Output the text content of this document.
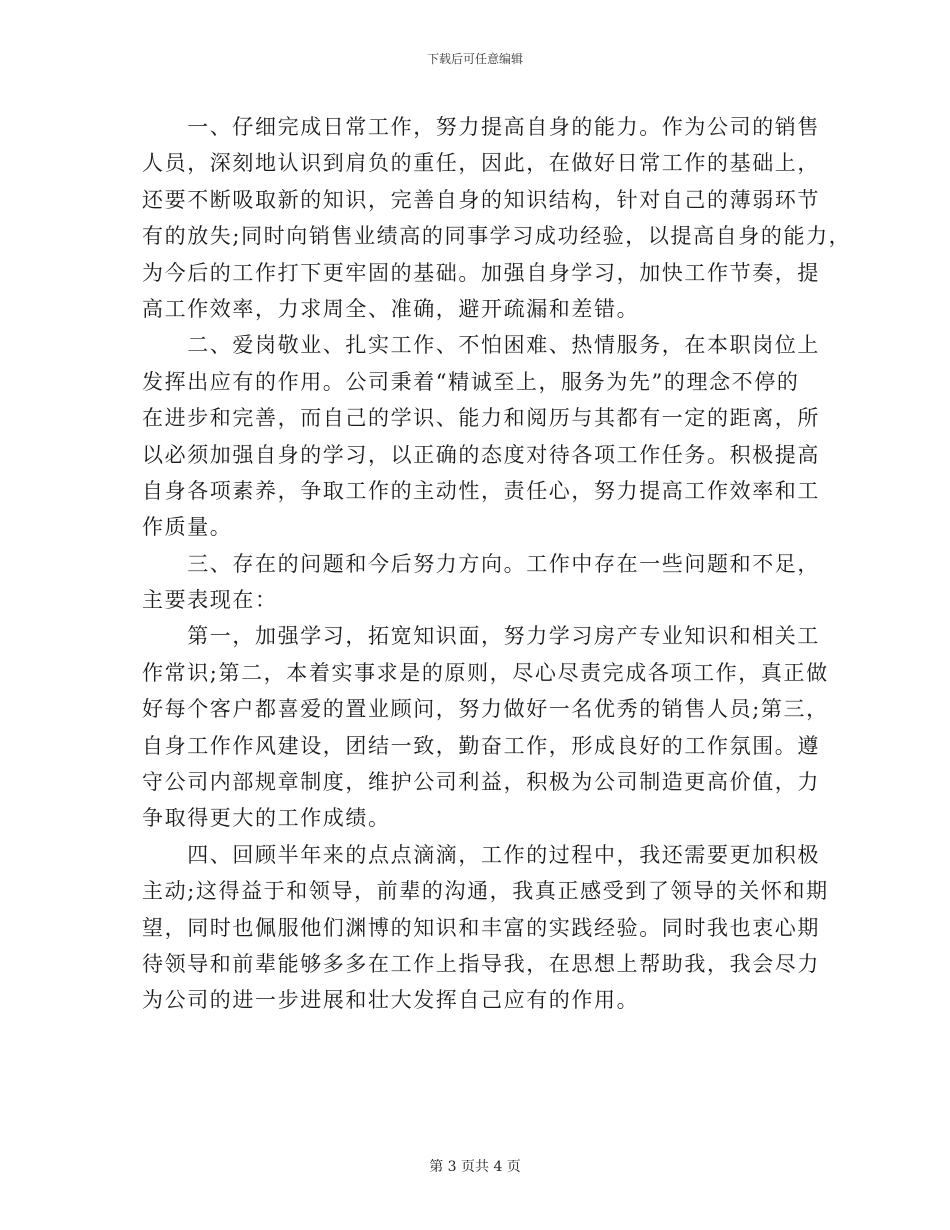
下载后可任意编辑
　　一、仔细完成日常工作，努力提高自身的能力。作为公司的销售
人员，深刻地认识到肩负的重任，因此，在做好日常工作的基础上，
还要不断吸取新的知识，完善自身的知识结构，针对自己的薄弱环节
有的放失;同时向销售业绩高的同事学习成功经验，以提高自身的能力，
为今后的工作打下更牢固的基础。加强自身学习，加快工作节奏，提
高工作效率，力求周全、准确，避开疏漏和差错。
　　二、爱岗敬业、扎实工作、不怕困难、热情服务，在本职岗位上
发挥出应有的作用。公司秉着“精诚至上，服务为先”的理念不停的
在进步和完善，而自己的学识、能力和阅历与其都有一定的距离，所
以必须加强自身的学习，以正确的态度对待各项工作任务。积极提高
自身各项素养，争取工作的主动性，责任心，努力提高工作效率和工
作质量。
　　三、存在的问题和今后努力方向。工作中存在一些问题和不足，
主要表现在：
　　第一，加强学习，拓宽知识面，努力学习房产专业知识和相关工
作常识;第二，本着实事求是的原则，尽心尽责完成各项工作，真正做
好每个客户都喜爱的置业顾问，努力做好一名优秀的销售人员;第三，
自身工作作风建设，团结一致，勤奋工作，形成良好的工作氛围。遵
守公司内部规章制度，维护公司利益，积极为公司制造更高价值，力
争取得更大的工作成绩。
　　四、回顾半年来的点点滴滴，工作的过程中，我还需要更加积极
主动;这得益于和领导，前辈的沟通，我真正感受到了领导的关怀和期
望，同时也佩服他们渊博的知识和丰富的实践经验。同时我也衷心期
待领导和前辈能够多多在工作上指导我，在思想上帮助我，我会尽力
为公司的进一步进展和壮大发挥自己应有的作用。
第 3 页共 4 页
